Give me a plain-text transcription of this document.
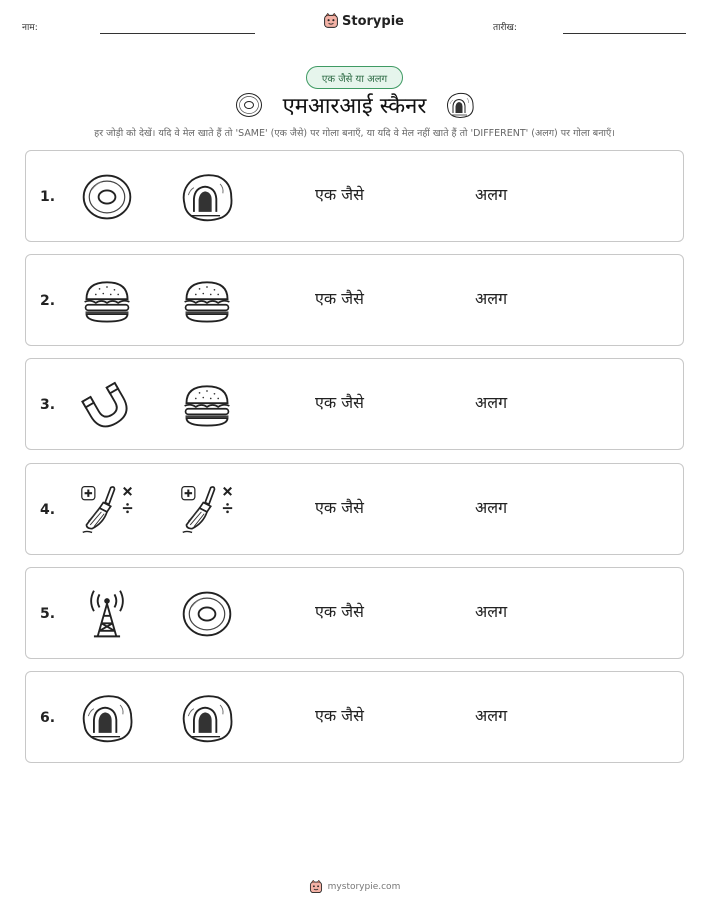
नाम:	Storypie	तारीख:
एक जैसे या अलग
एमआरआई स्कैनर
हर जोड़ी को देखें। यदि वे मेल खाते हैं तो 'SAME' (एक जैसे) पर गोला बनाएँ, या यदि वे मेल नहीं खाते हैं तो 'DIFFERENT' (अलग) पर गोला बनाएँ।
1.	एक जैसे	अलग
2.	एक जैसे	अलग
3.	एक जैसे	अलग
4.	एक जैसे	अलग
5.	एक जैसे	अलग
6.	एक जैसे	अलग
mystorypie.com
